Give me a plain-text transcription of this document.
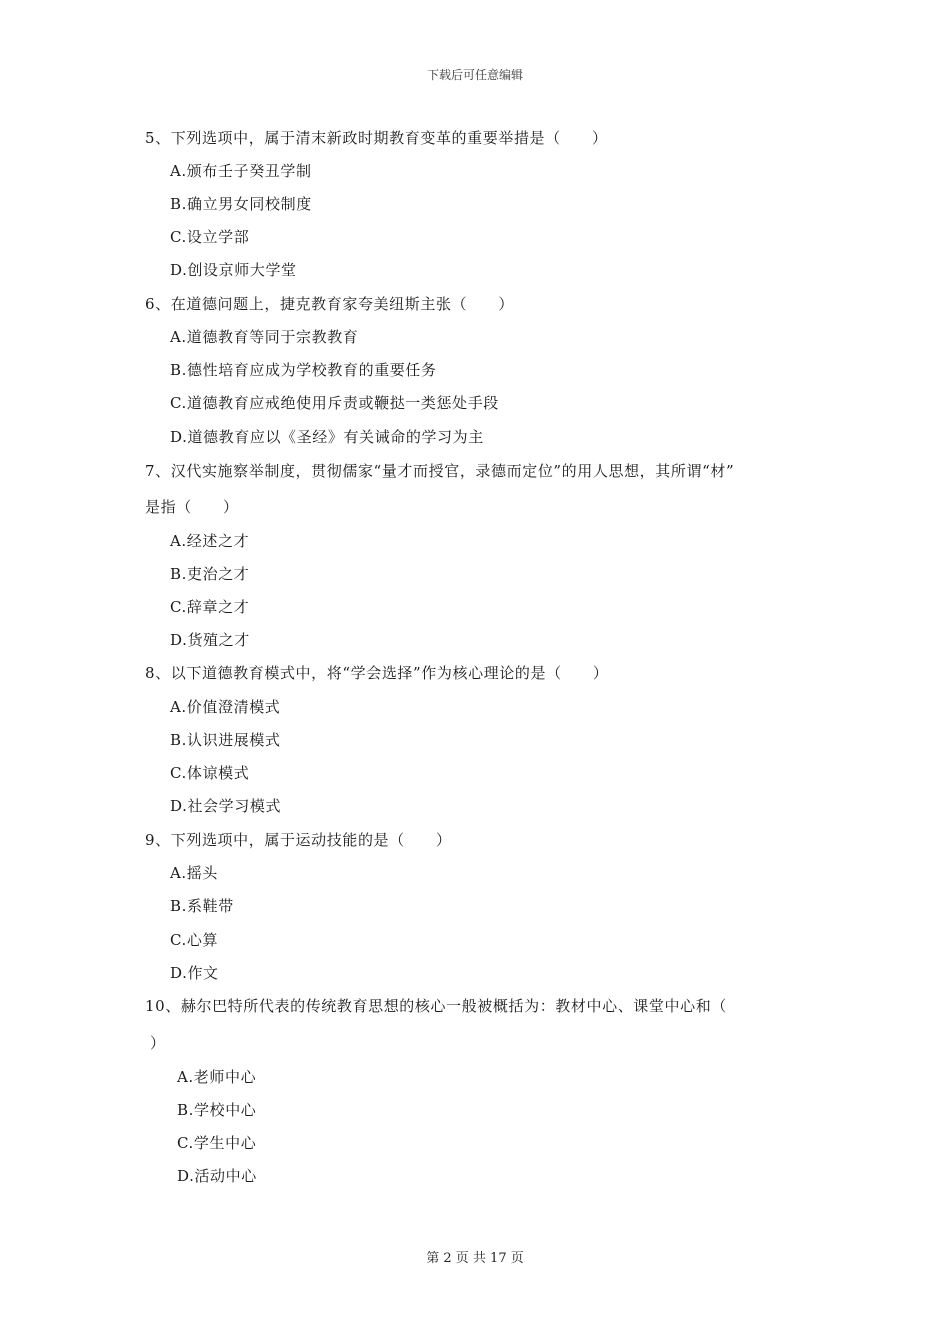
下载后可任意编辑
5、下列选项中，属于清末新政时期教育变革的重要举措是（　　）
A.颁布壬子癸丑学制
B.确立男女同校制度
C.设立学部
D.创设京师大学堂
6、在道德问题上，捷克教育家夸美纽斯主张（　　）
A.道德教育等同于宗教教育
B.德性培育应成为学校教育的重要任务
C.道德教育应戒绝使用斥责或鞭挞一类惩处手段
D.道德教育应以《圣经》有关诫命的学习为主
7、汉代实施察举制度，贯彻儒家“量才而授官，录德而定位”的用人思想，其所谓“材”
是指（　　）
A.经述之才
B.吏治之才
C.辞章之才
D.货殖之才
8、以下道德教育模式中，将“学会选择”作为核心理论的是（　　）
A.价值澄清模式
B.认识进展模式
C.体谅模式
D.社会学习模式
9、下列选项中，属于运动技能的是（　　）
A.摇头
B.系鞋带
C.心算
D.作文
10、赫尔巴特所代表的传统教育思想的核心一般被概括为：教材中心、课堂中心和（
）
A.老师中心
B.学校中心
C.学生中心
D.活动中心
第 2 页 共 17 页
